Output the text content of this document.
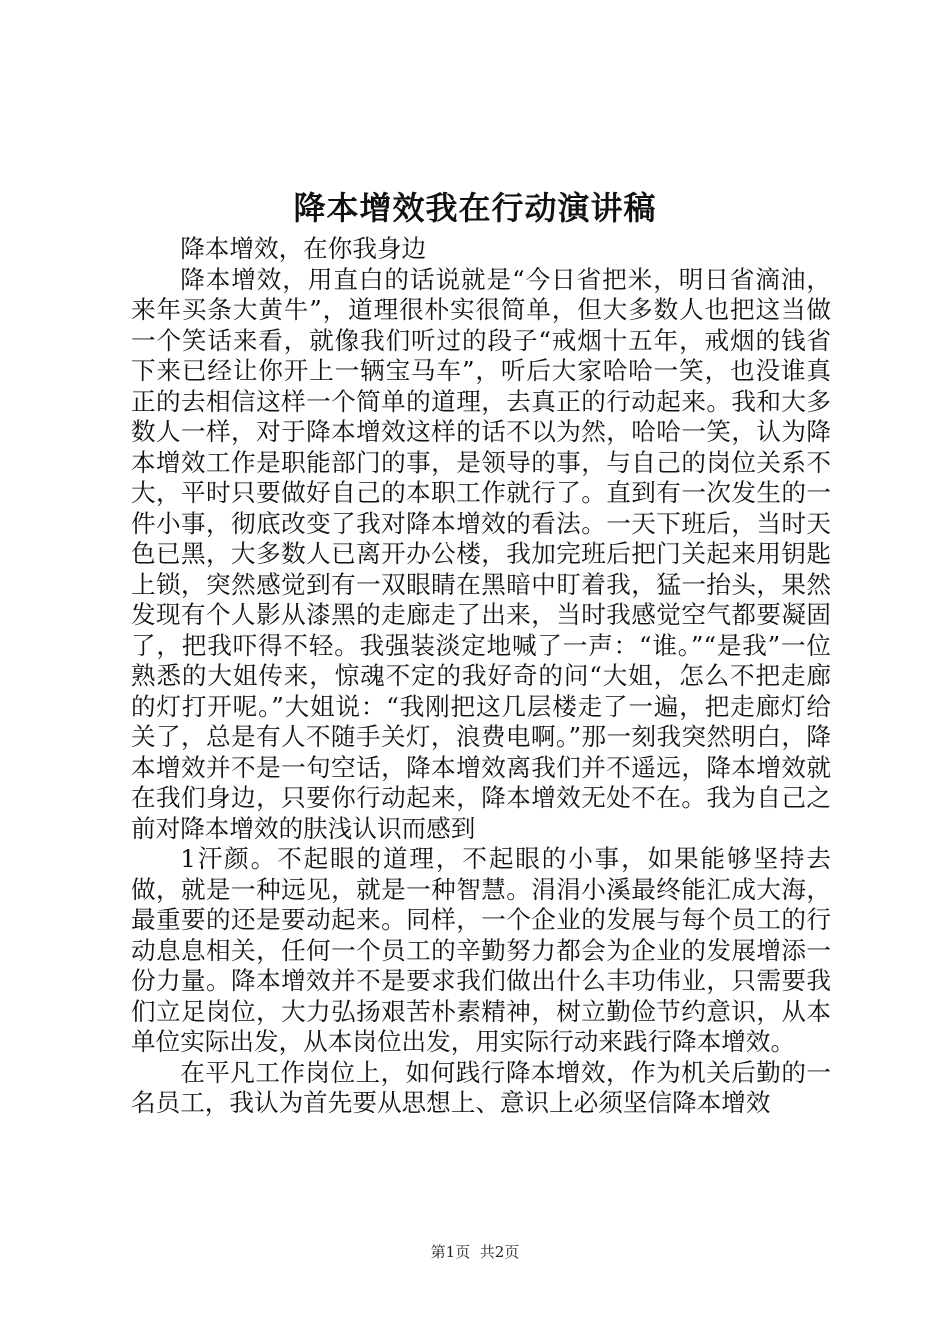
降本增效我在行动演讲稿

降本增效，在你我身边

降本增效，用直白的话说就是“今日省把米，明日省滴油，来年买条大黄牛”，道理很朴实很简单，但大多数人也把这当做一个笑话来看，就像我们听过的段子“戒烟十五年，戒烟的钱省下来已经让你开上一辆宝马车”，听后大家哈哈一笑，也没谁真正的去相信这样一个简单的道理，去真正的行动起来。我和大多数人一样，对于降本增效这样的话不以为然，哈哈一笑，认为降本增效工作是职能部门的事，是领导的事，与自己的岗位关系不大，平时只要做好自己的本职工作就行了。直到有一次发生的一件小事，彻底改变了我对降本增效的看法。一天下班后，当时天色已黑，大多数人已离开办公楼，我加完班后把门关起来用钥匙上锁，突然感觉到有一双眼睛在黑暗中盯着我，猛一抬头，果然发现有个人影从漆黑的走廊走了出来，当时我感觉空气都要凝固了，把我吓得不轻。我强装淡定地喊了一声：“谁。”“是我”一位熟悉的大姐传来，惊魂不定的我好奇的问“大姐，怎么不把走廊的灯打开呢。”大姐说：“我刚把这几层楼走了一遍，把走廊灯给关了，总是有人不随手关灯，浪费电啊。”那一刻我突然明白，降本增效并不是一句空话，降本增效离我们并不遥远，降本增效就在我们身边，只要你行动起来，降本增效无处不在。我为自己之前对降本增效的肤浅认识而感到

1汗颜。不起眼的道理，不起眼的小事，如果能够坚持去做，就是一种远见，就是一种智慧。涓涓小溪最终能汇成大海，最重要的还是要动起来。同样，一个企业的发展与每个员工的行动息息相关，任何一个员工的辛勤努力都会为企业的发展增添一份力量。降本增效并不是要求我们做出什么丰功伟业，只需要我们立足岗位，大力弘扬艰苦朴素精神，树立勤俭节约意识，从本单位实际出发，从本岗位出发，用实际行动来践行降本增效。

在平凡工作岗位上，如何践行降本增效，作为机关后勤的一名员工，我认为首先要从思想上、意识上必须坚信降本增效

第1页 共2页
